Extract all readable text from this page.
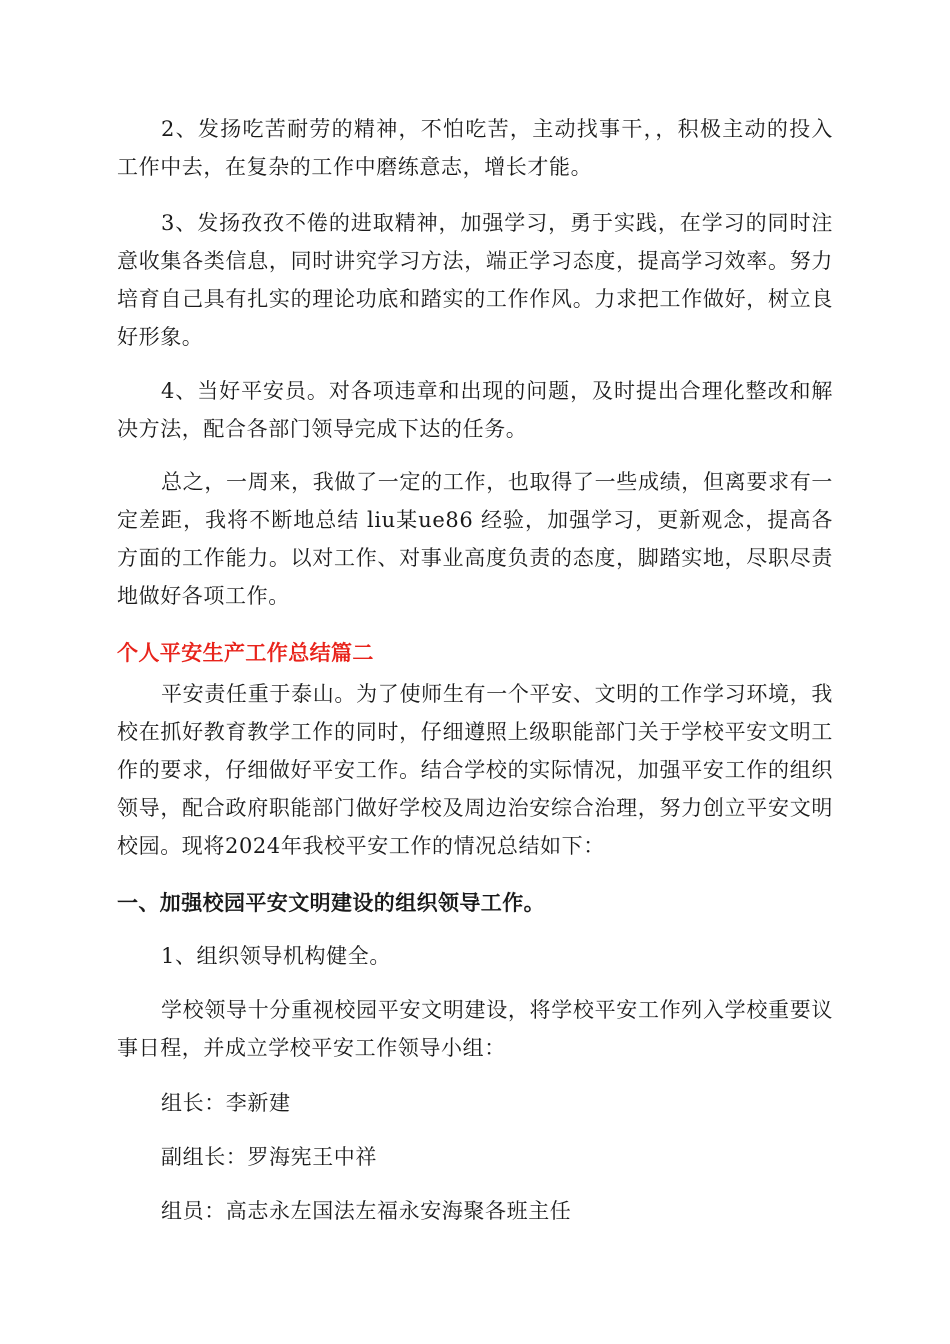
2、发扬吃苦耐劳的精神，不怕吃苦，主动找事干，，积极主动的投入工作中去，在复杂的工作中磨练意志，增长才能。

3、发扬孜孜不倦的进取精神，加强学习，勇于实践，在学习的同时注意收集各类信息，同时讲究学习方法，端正学习态度，提高学习效率。努力培育自己具有扎实的理论功底和踏实的工作作风。力求把工作做好，树立良好形象。

4、当好平安员。对各项违章和出现的问题，及时提出合理化整改和解决方法，配合各部门领导完成下达的任务。

总之，一周来，我做了一定的工作，也取得了一些成绩，但离要求有一定差距，我将不断地总结 liu某ue86 经验，加强学习，更新观念，提高各方面的工作能力。以对工作、对事业高度负责的态度，脚踏实地，尽职尽责地做好各项工作。

个人平安生产工作总结篇二

平安责任重于泰山。为了使师生有一个平安、文明的工作学习环境，我校在抓好教育教学工作的同时，仔细遵照上级职能部门关于学校平安文明工作的要求，仔细做好平安工作。结合学校的实际情况，加强平安工作的组织领导，配合政府职能部门做好学校及周边治安综合治理，努力创立平安文明校园。现将2024年我校平安工作的情况总结如下：

一、加强校园平安文明建设的组织领导工作。

1、组织领导机构健全。

学校领导十分重视校园平安文明建设，将学校平安工作列入学校重要议事日程，并成立学校平安工作领导小组：

组长：李新建

副组长：罗海宪王中祥

组员：高志永左国法左福永安海聚各班主任
